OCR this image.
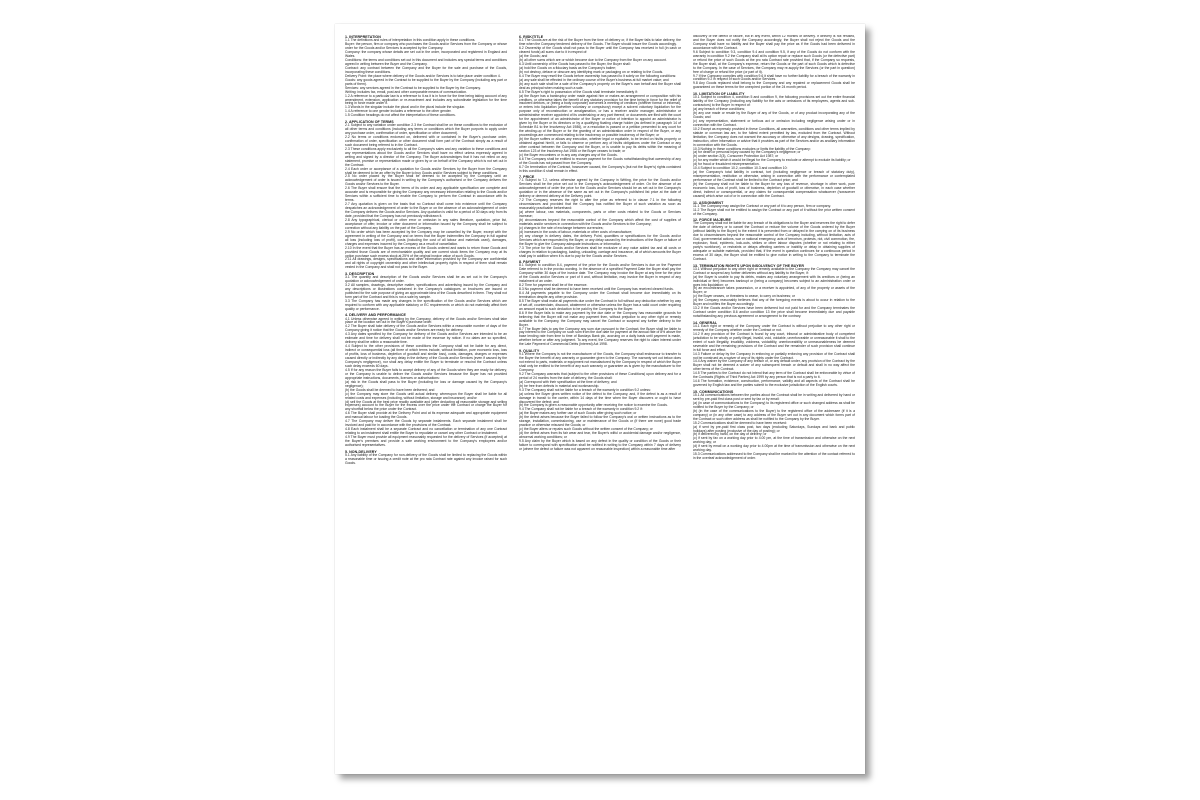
1. INTERPRETATION
1.1 The definitions and rules of interpretation in this condition apply in these conditions.
Buyer: the person, firm or company who purchases the Goods and/or Services from the Company or whose order for the Goods and/or Services is accepted by the Company.
Company: the company whose details are set out in the order, incorporated and registered in England and Wales.
Conditions: the terms and conditions set out in this document and includes any special terms and conditions agreed in writing between the Buyer and the Company.
Contract: any contract between the Company and the Buyer for the sale and purchase of the Goods, incorporating these conditions.
Delivery Point: the place where delivery of the Goods and/or Services is to take place under condition 4.
Goods: any goods agreed in the Contract to be supplied to the Buyer by the Company (including any part or parts of them).
Services: any services agreed in the Contract to be supplied to the Buyer by the Company.
Writing: includes fax, email, post and other comparable means of communication.
1.2 A reference to a particular law is a reference to it as it is in force for the time being taking account of any amendment, extension, application or re-enactment and includes any subordinate legislation for the time being in force made under it.
1.3 Words in the singular include the plural and in the plural include the singular.
1.4 A reference to one gender includes a reference to the other gender.
1.5 Condition headings do not affect the interpretation of these conditions.
2. APPLICATION OF TERMS
2.1 Subject to any variation under condition 2.3 the Contract shall be on these conditions to the exclusion of all other terms and conditions (including any terms or conditions which the Buyer purports to apply under any purchase order, confirmation of order, specification or other document).
2.2 No terms or conditions endorsed on, delivered with or contained in the Buyer's purchase order, confirmation of order, specification or other document shall form part of the Contract simply as a result of such document being referred to in the Contract.
2.3 These conditions apply exclusively to all the Company's sales and any variation to these conditions and any representations about the Goods and/or Services shall have no effect unless expressly agreed in writing and signed by a director of the Company. The Buyer acknowledges that it has not relied on any statement, promise or representation made or given by or on behalf of the Company which is not set out in the Contract.
2.4 Each order or acceptance of a quotation for Goods and/or Services by the Buyer from the Company shall be deemed to be an offer by the Buyer to buy Goods and/or Services subject to these conditions.
2.5 No order placed by the Buyer shall be deemed to be accepted by the Company until an acknowledgement of order is issued in writing by the Company's authorised or the Company delivers the Goods and/or Services to the Buyer.
2.6 The Buyer shall ensure that the terms of its order and any applicable specification are complete and accurate and is responsible for giving the Company any necessary information relating to the Goods and/or Services within a sufficient time to enable the Company to perform the Contract in accordance with its terms.
2.7 Any quotation is given on the basis that no Contract shall come into existence until the Company despatches an acknowledgement of order to the Buyer or on the absence of an acknowledgement of order the Company delivers the Goods and/or Services. Any quotation is valid for a period of 30 days only from its date, provided that the Company has not previously withdrawn it.
2.8 Any typographical, clerical or other error or omission in any sales literature, quotation, price list, acceptance of offer, invoice or other document or information issued by the Company shall be subject to correction without any liability on the part of the Company.
2.9 No order which has been accepted by the Company may be cancelled by the Buyer, except with the agreement in writing of the Company and on terms that the Buyer indemnifies the Company in full against all loss (including loss of profit), costs (including the cost of all labour and materials used), damages, charges and expenses incurred by the Company as a result of cancellation.
2.10 In the event that the Buyer has an excess of the Goods ordered and wants to return those Goods and provided those Goods are of merchantable quality and are current stock items the Company may at its option purchase such excess stock at 25% of the original invoice value of such Goods.
2.11 All drawings, designs, specifications and other information provided by the Company are confidential and all rights of copyright ownership and other intellectual property rights in respect of them shall remain vested in the Company and shall not pass to the Buyer.
3. DESCRIPTION
3.1 The quantity and description of the Goods and/or Services shall be as set out in the Company's quotation or acknowledgement of order.
3.2 All samples, drawings, descriptive matter, specifications and advertising issued by the Company and any descriptions or illustrations contained in the Company's catalogues or brochures are issued or published for the sole purpose of giving an approximate idea of the Goods described in them. They shall not form part of the Contract and this is not a sale by sample.
3.3 The Company has made any changes in the specification of the Goods and/or Services which are required to conform with any applicable statutory or EC requirements or which do not materially affect their quality or performance.
4. DELIVERY AND PERFORMANCE
4.1 Unless otherwise agreed in writing by the Company, delivery of the Goods and/or Services shall take place at the location set out in the Buyer's purchase order.
4.2 The Buyer shall take delivery of the Goods and/or Services within a reasonable number of days of the Company giving it notice that the Goods and/or Services are ready for delivery.
4.3 Any dates specified by the Company for delivery of the Goods and/or Services are intended to be an estimate and time for delivery shall not be made of the essence by notice. If no dates are so specified, delivery shall be within a reasonable time.
4.4 Subject to the other provisions of these conditions the Company shall not be liable for any direct, indirect or consequential loss (all three of which terms include, without limitation, pure economic loss, loss of profits, loss of business, depletion of goodwill and similar loss), costs, damages, charges or expenses caused directly or indirectly by any delay in the delivery of the Goods and/or Services (even if caused by the Company's negligence), nor shall any delay entitle the Buyer to terminate or rescind the Contract unless such delay exceeds 60 days.
4.5 If for any reason the Buyer fails to accept delivery of any of the Goods when they are ready for delivery, or the Company is unable to deliver the Goods and/or Services because the Buyer has not provided appropriate instructions, documents, licences or authorisations:
(a) risk in the Goods shall pass to the Buyer (including for loss or damage caused by the Company's negligence);
(b) the Goods shall be deemed to have been delivered; and
(c) the Company may store the Goods until actual delivery, whereupon the Buyer shall be liable for all related costs and expenses (including, without limitation, storage and insurance); and/or
(d) sell the Goods at the best price readily available and (after deducting all reasonable storage and selling expenses) account to the Buyer for the excess over the price under the Contract or charge the Buyer for any shortfall below the price under the Contract.
4.6 The Buyer shall provide at the Delivery Point and at its expense adequate and appropriate equipment and manual labour for loading the Goods.
4.7 The Company may deliver the Goods by separate instalments. Each separate instalment shall be invoiced and paid for in accordance with the provisions of the Contract.
4.8 Each instalment shall be a separate Contract and no cancellation or termination of any one Contract relating to an instalment shall entitle the Buyer to repudiate or cancel any other Contract or instalment.
4.9 The Buyer must provide all equipment reasonably requested for the delivery of Services (if accepted) at the Buyer's premises and provide a safe working environment to the Company's employees and/or authorised representatives.
5. NON-DELIVERY
5.1 Any liability of the Company for non-delivery of the Goods shall be limited to replacing the Goods within a reasonable time or issuing a credit note at the pro rata Contract rate against any invoice raised for such Goods.
6. RISK/TITLE
6.1 The Goods are at the risk of the Buyer from the time of delivery or, if the Buyer fails to take delivery, the time when the Company tendered delivery of the Goods. The Buyer should insure the Goods accordingly.
6.2 Ownership of the Goods shall not pass to the Buyer until the Company has received in full (in cash or cleared funds) all sums due to it in respect of:
(a) the Goods; and
(b) all other sums which are or which become due to the Company from the Buyer on any account.
6.3 Until ownership of the Goods has passed to the Buyer, the Buyer shall:
(a) hold the Goods on a fiduciary basis as the Company's bailee;
(b) not destroy, deface or obscure any identifying mark or packaging on or relating to the Goods.
6.4 The Buyer may resell the Goods before ownership has passed to it solely on the following conditions:
(a) any sale shall be effected in the ordinary course of the Buyer's business at full market value; and
(b) any such sale shall be a sale of the Company's property on the Buyer's own behalf and the Buyer shall deal as principal when making such a sale.
6.5 The Buyer's right to possession of the Goods shall terminate immediately if:
(a) the Buyer has a bankruptcy order made against him or makes an arrangement or composition with his creditors, or otherwise takes the benefit of any statutory provision for the time being in force for the relief of insolvent debtors, or (being a body corporate) convenes a meeting of creditors (whether formal or informal), or enters into liquidation (whether voluntary or compulsory) except a solvent voluntary liquidation for the purpose only of reconstruction or amalgamation, or has a receiver and/or manager, administrator or administrative receiver appointed of its undertaking or any part thereof, or documents are filed with the court for the appointment of an administrator of the Buyer or notice of intention to appoint an administrator is given by the Buyer or its directors or by a qualifying floating charge holder (as defined in paragraph 14 of Schedule B1 to the Insolvency Act 1986), or a resolution is passed or a petition presented to any court for the winding-up of the Buyer or for the granting of an administration order in respect of the Buyer, or any proceedings are commenced relating to the insolvency or possible insolvency of the Buyer; or
(b) the Buyer suffers or allows any execution, whether legal or equitable, to be levied on his/its property or obtained against him/it, or fails to observe or perform any of his/its obligations under the Contract or any other contract between the Company and the Buyer, or is unable to pay its debts within the meaning of section 123 of the Insolvency Act 1986 or the Buyer ceases to trade; or
(c) the Buyer encumbers or in any way charges any of the Goods.
6.6 The Company shall be entitled to recover payment for the Goods notwithstanding that ownership of any of the Goods has not passed from the Company.
6.7 On termination of the Contract, howsoever caused, the Company's (but not the Buyer's) rights contained in this condition 6 shall remain in effect.
7. PRICE
7.1 Subject to 7.2, unless otherwise agreed by the Company in Writing, the price for the Goods and/or Services shall be the price set out in the Company's acknowledgement of order. On the absence of an acknowledgement of order the price for the Goods and/or Services should be as set out in the Company's quotation or in the absence of the same as set out in the Company's published list price at the date of delivery or deemed delivery at the Delivery point.
7.2 The Company reserves the right to alter the price as referred to in clause 7.1 in the following circumstances and provided that the Company has notified the Buyer of such variation as soon as reasonably practicable beforehand:
(a) where labour, raw materials, components, parts or other costs related to the Goods or Services increase;
(b) circumstances beyond the reasonable control of the Company which affect the cost of supplies of materials and/or services in connection with the Goods and/or Services to the Company;
(c) changes in the rate of exchange between currencies;
(d) increases in the costs of labour, materials or other costs of manufacture;
(e) any change in delivery dates, the delivery Point, quantities or specifications for the Goods and/or Services which are requested by the Buyer, or any delay caused by the instructions of the Buyer or failure of the Buyer to give the Company adequate instructions or information.
7.3 The price for the Goods and/or Services shall be exclusive of any value added tax and all costs or charges in relation to packaging, loading, unloading, carriage and insurance, all of which amounts the Buyer shall pay in addition when it is due to pay for the Goods and/or Services.
8. PAYMENT
8.1 Subject to condition 8.4, payment of the price for the Goods and/or Services is due on the Payment Date referred to in the proviso wording. In the absence of a specified Payment Date the Buyer shall pay the Company within 30 days of the invoice date. The Company may invoice the Buyer at any time for the price of the Goods and/or Services or part of it and, without limitation, may invoice the Buyer in respect of any instalment of an order.
8.2 Time for payment shall be of the essence.
8.3 No payment shall be deemed to have been received until the Company has received cleared funds.
8.4 All payments payable to the Company under the Contract shall become due immediately on its termination despite any other provision.
8.5 The Buyer shall make all payments due under the Contract in full without any deduction whether by way of set-off, counterclaim, discount, abatement or otherwise unless the Buyer has a valid court order requiring an amount equal to such deduction to be paid by the Company to the Buyer.
8.6 If the Buyer fails to make any payment by the due date or the Company has reasonable grounds for believing that the Buyer will not make any payment then, without prejudice to any other right or remedy available to the Company, the Company may cancel the Contract or suspend any further delivery to the Buyer.
8.7 The Buyer fails to pay the Company any sum due pursuant to the Contract, the Buyer shall be liable to pay interest to the Company on such sum from the due date for payment at the annual rate of 8% above the base lending rate from time to time of Barclays Bank plc, accruing on a daily basis until payment is made, whether before or after any judgment. To any event, the Company reserves the right to claim interest under the Late Payment of Commercial Debts (Interest) Act 1998.
9. QUALITY
9.1 Where the Company is not the manufacturer of the Goods, the Company shall endeavour to transfer to the Buyer the benefit of any warranty or guarantee given to the Company. The warranty set out below does not extend to parts, materials or equipment not manufactured by the Company in respect of which the Buyer shall only be entitled to the benefit of any such warranty or guarantee as is given by the manufacturer to the Company.
9.2 The Company warrants that (subject to the other provisions of these Conditions) upon delivery and for a period of 24 months from the date of delivery, the Goods shall:
(a) Correspond with their specification at the time of delivery; and
(b) be free from defects in material and workmanship.
9.3 The Company shall not be liable for a breach of the warranty in condition 9.2 unless:
(a) unless the Buyer gives written notice of the defect to the Company, and, if the defect is as a result of damage in transit to the carrier, within 14 days of the time when the Buyer discovers or ought to have discovered the defect; and
(b) the Company is given a reasonable opportunity after receiving the notice to examine the Goods.
9.4 The Company shall not be liable for a breach of the warranty in condition 9.2 if:
(a) the Buyer makes any further use of such Goods after giving such notice; or
(b) the defect arises because the Buyer failed to follow the Company's oral or written instructions as to the storage, installation, commissioning, use or maintenance of the Goods or (if there are none) good trade practice or otherwise misused the Goods; or
(c) the Buyer alters or repairs such Goods without the written consent of the Company; or
(d) the defect arises from its fair wear and tear, the Buyer's wilful or accidental damage and/or negligence, abnormal working conditions; or
9.5 Any claim by the Buyer which is based on any defect in the quality or condition of the Goods or their failure to correspond with specification shall be notified in writing to the Company within 7 days of delivery or (where the defect or failure was not apparent on reasonable inspection) within a reasonable time after
discovery of the defect or failure, but in any event, within 12 months of delivery. If delivery is not refused, and the Buyer does not notify the Company accordingly, the Buyer shall not reject the Goods and the Company shall have no liability and the Buyer shall pay the price as if the Goods had been delivered in accordance with the Contract.
9.6 Subject to condition 9.3, condition 9.4 and condition 9.5, if any of the Goods do not conform with the warranty in condition 9.2 the Company shall at its option repair or replace such Goods (or the defective part) or refund the price of such Goods at the pro rata Contract rate provided that, if the Company so requests, the Buyer shall, at the Company's expense, return the Goods or the part of such Goods which is defective to the Company. In the case of Services, the Company may re-supply the Services (or the part in question) free of charge or refund the price (or part of it).
9.7 If the Company complies with condition 9.6 it shall have no further liability for a breach of the warranty in condition 9.2 in respect of such Goods and/or Services.
9.8 Any Goods replaced shall belong to the Company and any repaired or replacement Goods shall be guaranteed on these terms for the unexpired portion of the 24 month period.
10. LIMITATION OF LIABILITY
10.1 Subject to condition 4, condition 5 and condition 9, the following provisions set out the entire financial liability of the Company (including any liability for the acts or omissions of its employees, agents and sub-contractors) to the Buyer in respect of:
(a) any breach of these conditions;
(b) any use made or resale by the Buyer of any of the Goods, or of any product incorporating any of the Goods; and
(c) any representation, statement or tortious act or omission including negligence arising under or in connection with the Contract.
10.2 Except as expressly provided in these Conditions, all warranties, conditions and other terms implied by statute or common law are, to the fullest extent permitted by law, excluded from the Contract. Without limitation, the Company does not warrant the accuracy or otherwise of any designs, drawing, specification, instruction, other information or advice that it provides as part of the Services and/or as ancillary information in connection with the Goods.
10.3 Nothing in these conditions excludes or limits the liability of the Company:
(a) for death or personal injury caused by the Company's negligence; or
(b) under section 2(3), Consumer Protection Act 1987; or
(c) for any matter which it would be illegal for the Company to exclude or attempt to exclude its liability; or
(d) for fraud or fraudulent misrepresentation.
10.4 Subject to condition 10.2, condition 10.3 and condition 10:
(a) the Company's total liability in contract, tort (including negligence or breach of statutory duty), misrepresentation, restitution or otherwise, arising in connection with the performance or contemplated performance of the Contract shall be limited to the Contract price; and
(b) the Company shall not be liable to the Buyer for any loss of revenue, shortage in other work, pure economic loss, loss of profit, loss of business, depletion of goodwill or otherwise, in each case whether direct, indirect or consequential, or any claims for consequential compensation whatsoever (howsoever caused) which arise out of or in connection with the Contract.
11. ASSIGNMENT
11.1 The Company may assign the Contract or any part of it to any person, firm or company.
11.2 The Buyer shall not be entitled to assign the Contract or any part of it without the prior written consent of the Company.
12. FORCE MAJEURE
The Company shall not be liable for any breach of its obligations to the Buyer and reserves the right to defer the date of delivery or to cancel the Contract or reduce the volume of the Goods ordered by the Buyer (without liability to the Buyer) to the extent it is prevented from or delayed in the carrying on of its business due to circumstances beyond the reasonable control of the Company including, without limitation, acts of God, governmental actions, war or national emergency, acts of terrorism, protests, riot, civil commotion, fire, explosion, flood, epidemic, lock-outs, strikes or other labour disputes (whether or not relating to either party's workforce), or restraints or delays affecting carriers or inability or delay in obtaining supplies of adequate or suitable materials, provided that, if the event in question continues for a continuous period in excess of 30 days, the Buyer shall be entitled to give notice in writing to the Company to terminate the Contract.
13. TERMINATION RIGHTS UPON INSOLVENCY OF THE BUYER
13.1 Without prejudice to any other right or remedy available to the Company the Company may cancel the Contract or suspend any further deliveries without any liability to the Buyer, if:
(a) the Buyer is unable to pay its debts, makes any voluntary arrangement with its creditors or (being an individual or firm) becomes bankrupt or (being a company) becomes subject to an administration order or goes into liquidation; or
(b) an encumbrancer takes possession, or a receiver is appointed, of any of the property or assets of the Buyer; or
(c) the Buyer ceases, or threatens to cease, to carry on business; or
(d) the Company reasonably believes that any of the foregoing events is about to occur in relation to the Buyer and notifies the Buyer accordingly.
13.2 If the Goods and/or Services have been delivered but not paid for and the Company terminates the Contract under condition 8.6 and/or condition 13 the price shall become immediately due and payable notwithstanding any previous agreement or arrangement to the contrary.
14. GENERAL
14.1 Each right or remedy of the Company under the Contract is without prejudice to any other right or remedy of the Company whether under the Contract or not.
14.2 If any provision of the Contract is found by any court, tribunal or administrative body of competent jurisdiction to be wholly or partly illegal, invalid, void, voidable, unenforceable or unreasonable it shall to the extent of such illegality, invalidity, voidness, voidability, unenforceability or unreasonableness be deemed severable and the remaining provisions of the Contract and the remainder of such provision shall continue in full force and effect.
14.3 Failure or delay by the Company in enforcing or partially enforcing any provision of the Contract shall not be construed as a waiver of any of its rights under the Contract.
14.4 Any waiver by the Company of any breach of, or any default under, any provision of the Contract by the Buyer shall not be deemed a waiver of any subsequent breach or default and shall in no way affect the other terms of the Contract.
14.5 The parties to the Contract do not intend that any term of the Contract shall be enforceable by virtue of the Contracts (Rights of Third Parties) Act 1999 by any person that is not a party to it.
14.6 The formation, existence, construction, performance, validity and all aspects of the Contract shall be governed by English law and the parties submit to the exclusive jurisdiction of the English courts.
15. COMMUNICATIONS
15.1 All communications between the parties about the Contract shall be in writing and delivered by hand or sent by pre-paid first class post or sent by fax or by email:
(a) (in case of communications to the Company) to its registered office or such changed address as shall be notified to the Buyer by the Company; or
(b) (in the case of the communications to the Buyer) to the registered office of the addressee (if it is a company) or (in any other case) to any address of the Buyer set out in any document which forms part of the Contract or such other address as shall be notified to the Company by the Buyer.
15.2 Communications shall be deemed to have been received:
(a) if sent by pre-paid first class post, two days (excluding Saturdays, Sundays and bank and public holidays) after posting (exclusive of the day of posting); or
(b) if delivered by hand, on the day of delivery; or
(c) if sent by fax on a working day prior to 4.00 pm, at the time of transmission and otherwise on the next working day; or
(d) if sent by email on a working day prior to 4.00pm at the time of transmission and otherwise on the next working day.
15.3 Communications addressed to the Company shall be marked for the attention of the contact referred to in the overleaf acknowledgement of order.
